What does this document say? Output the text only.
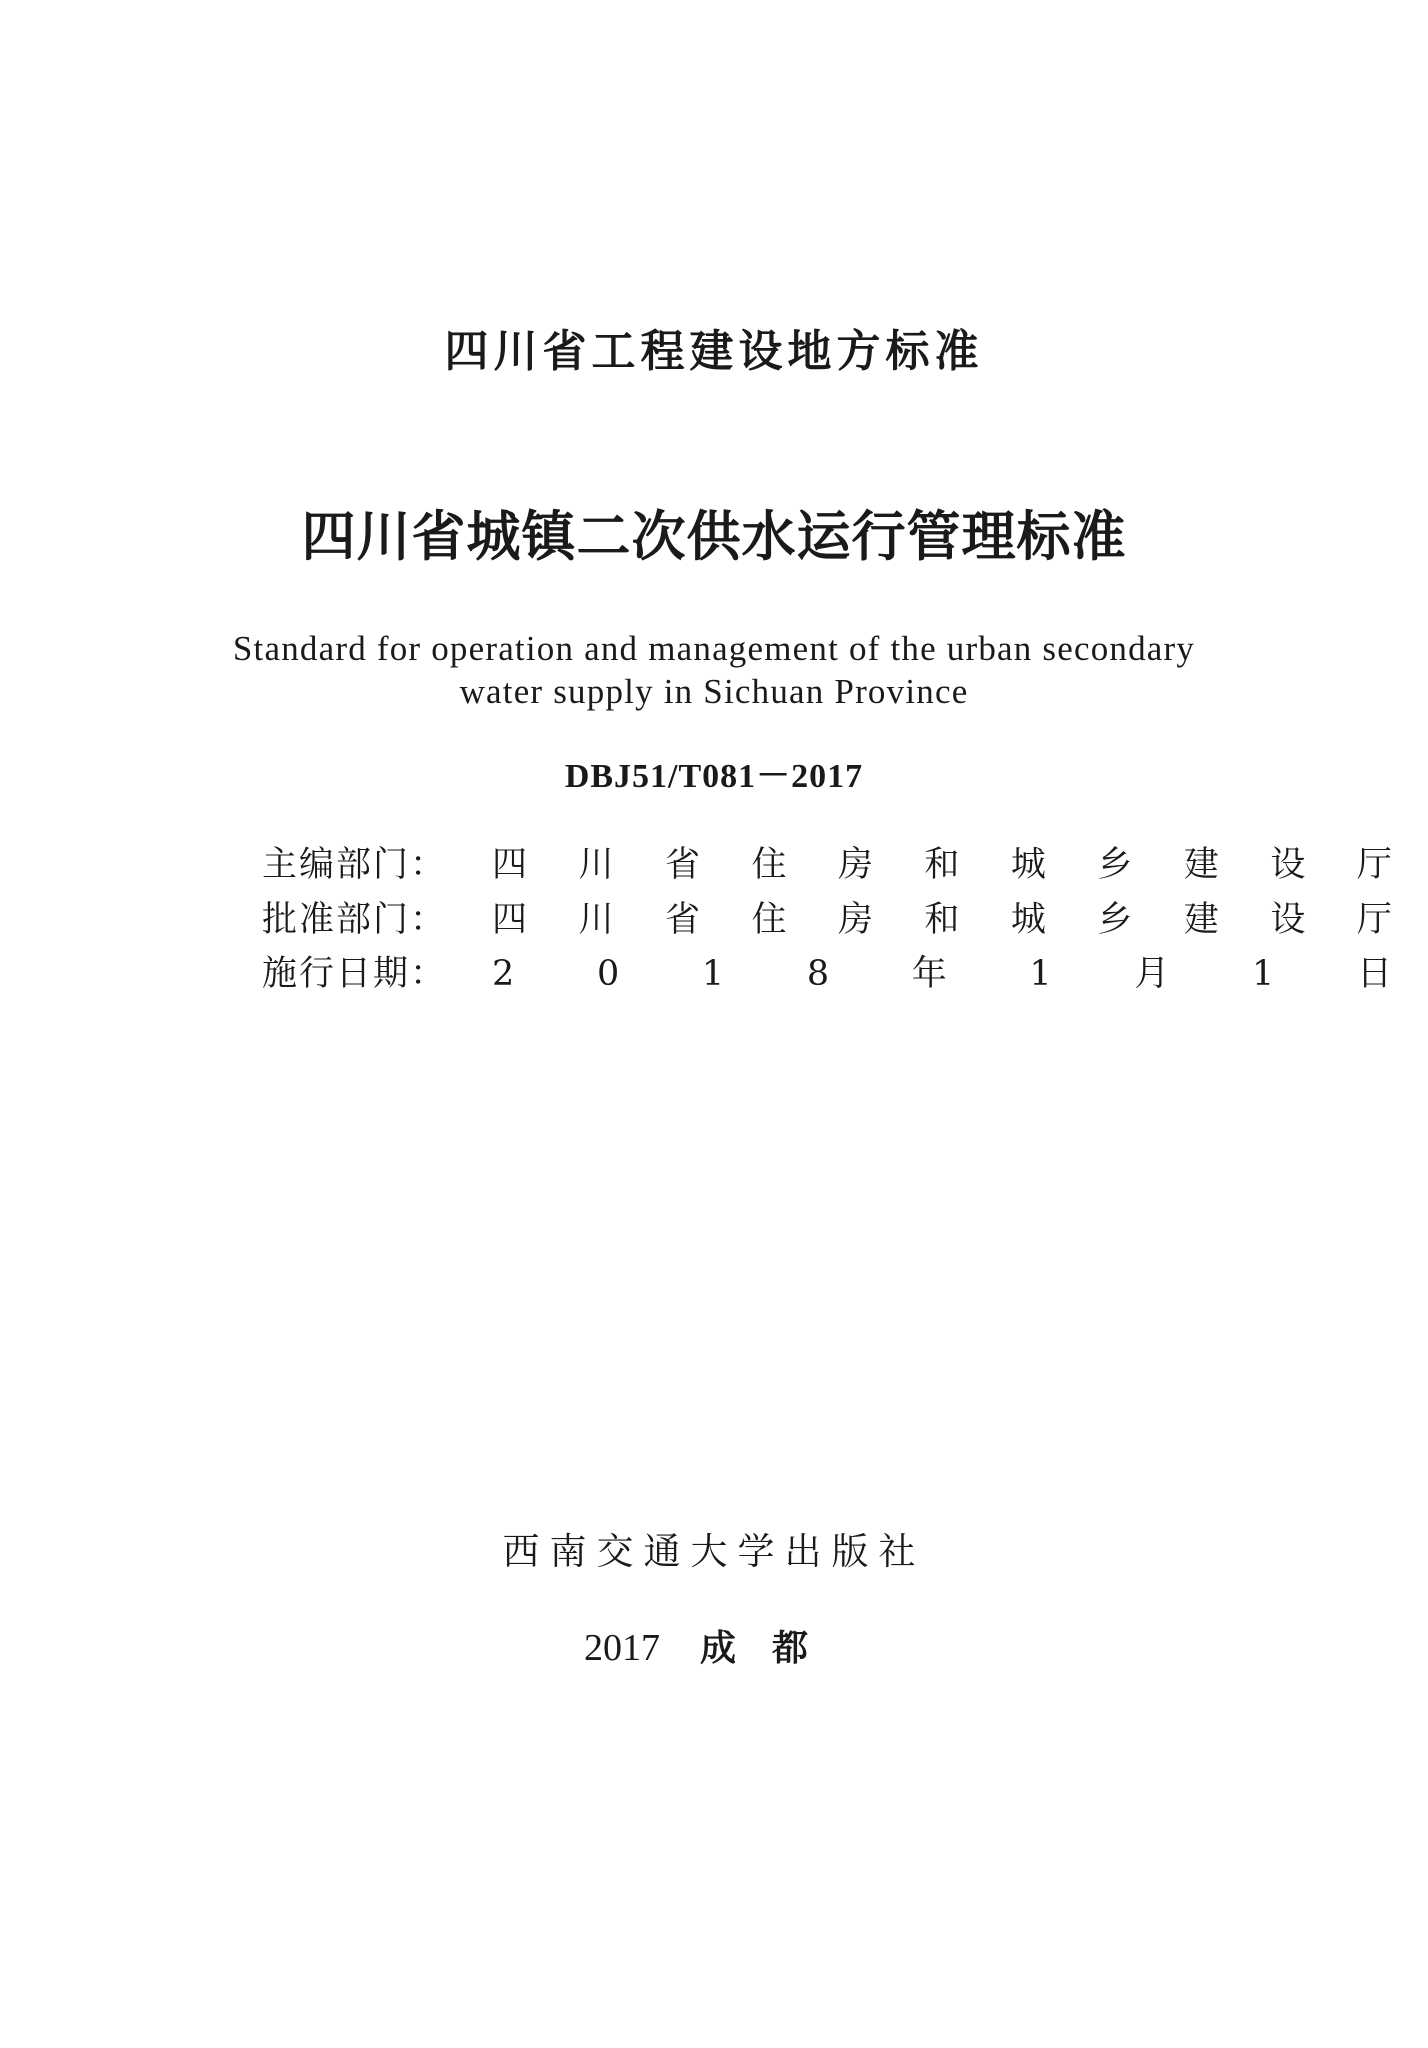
四川省工程建设地方标准
四川省城镇二次供水运行管理标准
Standard for operation and management of the urban secondary
water supply in Sichuan Province
DBJ51/T081－2017
主编部门：	四 川 省 住 房 和 城 乡 建 设 厅
批准部门：	四 川 省 住 房 和 城 乡 建 设 厅
施行日期：	2 0 1 8 年 1 月 1 日
西南交通大学出版社
2017 成都
